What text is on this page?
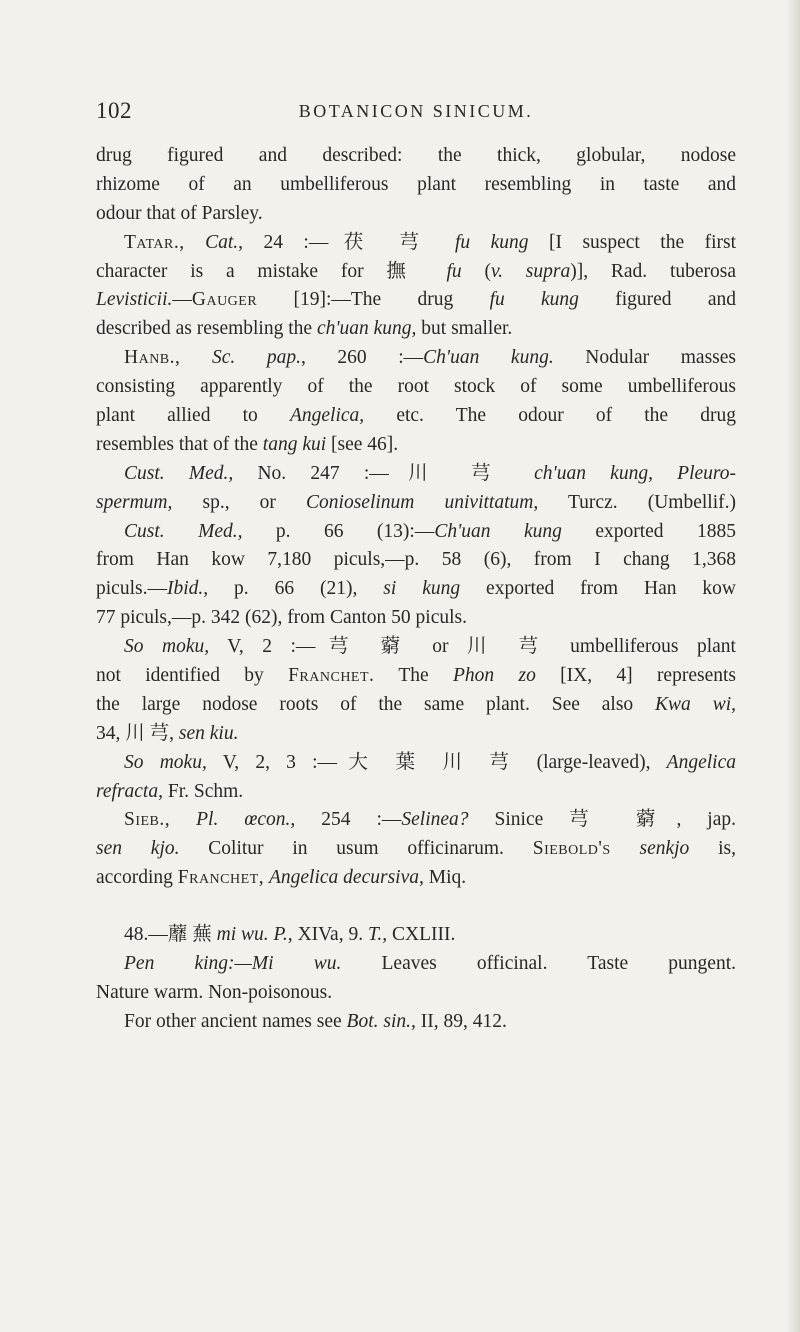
102	BOTANICON SINICUM.
drug figured and described: the thick, globular, nodose
rhizome of an umbelliferous plant resembling in taste and
odour that of Parsley.
Tatar., Cat., 24 :—茯 芎 fu kung [I suspect the first
character is a mistake for 撫 fu (v. supra)], Rad. tuberosa
Levisticii.—Gauger [19]:—The drug fu kung figured and
described as resembling the ch'uan kung, but smaller.
Hanb., Sc. pap., 260 :—Ch'uan kung. Nodular masses
consisting apparently of the root stock of some umbelliferous
plant allied to Angelica, etc. The odour of the drug
resembles that of the tang kui [see 46].
Cust. Med., No. 247 :—川 芎 ch'uan kung, Pleuro-
spermum, sp., or Conioselinum univittatum, Turcz. (Umbellif.)
Cust. Med., p. 66 (13):—Ch'uan kung exported 1885
from Han kow 7,180 piculs,—p. 58 (6), from I chang 1,368
piculs.—Ibid., p. 66 (21), si kung exported from Han kow
77 piculs,—p. 342 (62), from Canton 50 piculs.
So moku, V, 2 :—芎 藭 or 川 芎 umbelliferous plant
not identified by Franchet. The Phon zo [IX, 4] represents
the large nodose roots of the same plant. See also Kwa wi,
34, 川 芎, sen kiu.
So moku, V, 2, 3 :—大 葉 川 芎 (large-leaved), Angelica
refracta, Fr. Schm.
Sieb., Pl. œcon., 254 :—Selinea? Sinice 芎 藭, jap.
sen kjo. Colitur in usum officinarum. Siebold's senkjo is,
according Franchet, Angelica decursiva, Miq.
48.—蘼 蕪 mi wu. P., XIVa, 9. T., CXLIII.
Pen king:—Mi wu. Leaves officinal. Taste pungent.
Nature warm. Non-poisonous.
For other ancient names see Bot. sin., II, 89, 412.
